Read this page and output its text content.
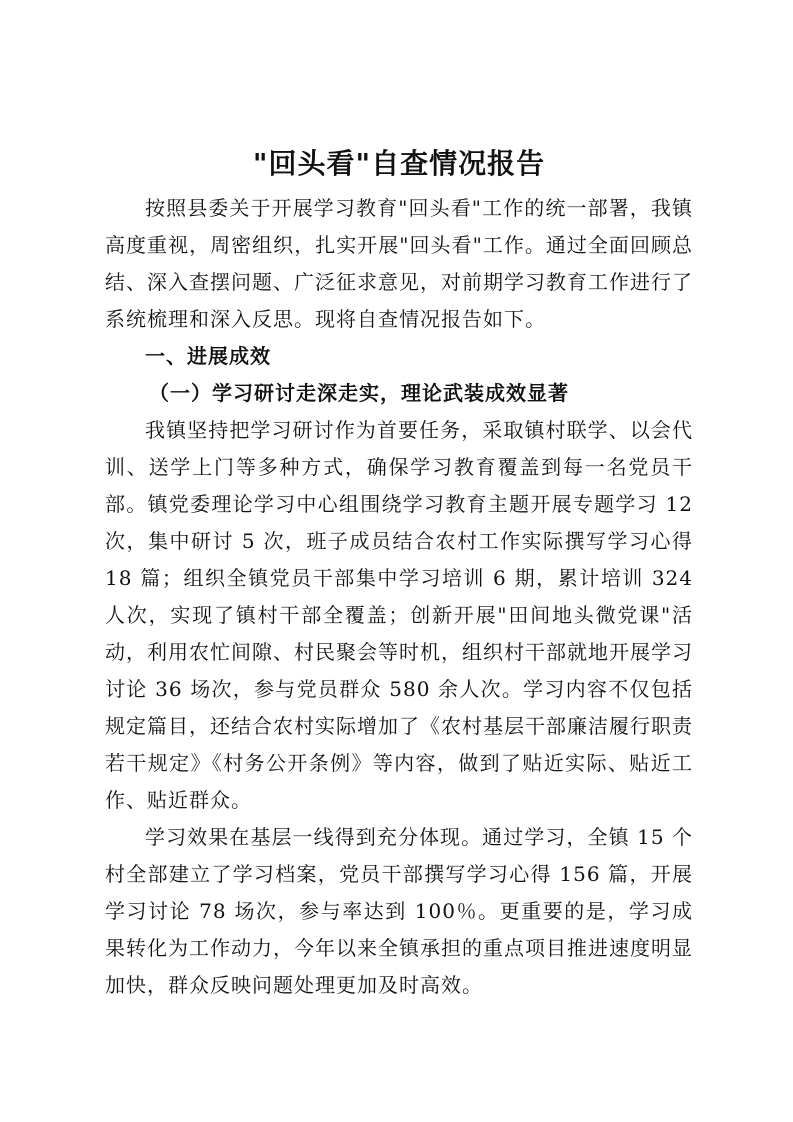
"回头看"自查情况报告

按照县委关于开展学习教育"回头看"工作的统一部署，我镇高度重视，周密组织，扎实开展"回头看"工作。通过全面回顾总结、深入查摆问题、广泛征求意见，对前期学习教育工作进行了系统梳理和深入反思。现将自查情况报告如下。

一、进展成效

（一）学习研讨走深走实，理论武装成效显著

我镇坚持把学习研讨作为首要任务，采取镇村联学、以会代训、送学上门等多种方式，确保学习教育覆盖到每一名党员干部。镇党委理论学习中心组围绕学习教育主题开展专题学习 12 次，集中研讨 5 次，班子成员结合农村工作实际撰写学习心得 18 篇；组织全镇党员干部集中学习培训 6 期，累计培训 324 人次，实现了镇村干部全覆盖；创新开展"田间地头微党课"活动，利用农忙间隙、村民聚会等时机，组织村干部就地开展学习讨论 36 场次，参与党员群众 580 余人次。学习内容不仅包括规定篇目，还结合农村实际增加了《农村基层干部廉洁履行职责若干规定》《村务公开条例》等内容，做到了贴近实际、贴近工作、贴近群众。

学习效果在基层一线得到充分体现。通过学习，全镇 15 个村全部建立了学习档案，党员干部撰写学习心得 156 篇，开展学习讨论 78 场次，参与率达到 100％。更重要的是，学习成果转化为工作动力，今年以来全镇承担的重点项目推进速度明显加快，群众反映问题处理更加及时高效。
